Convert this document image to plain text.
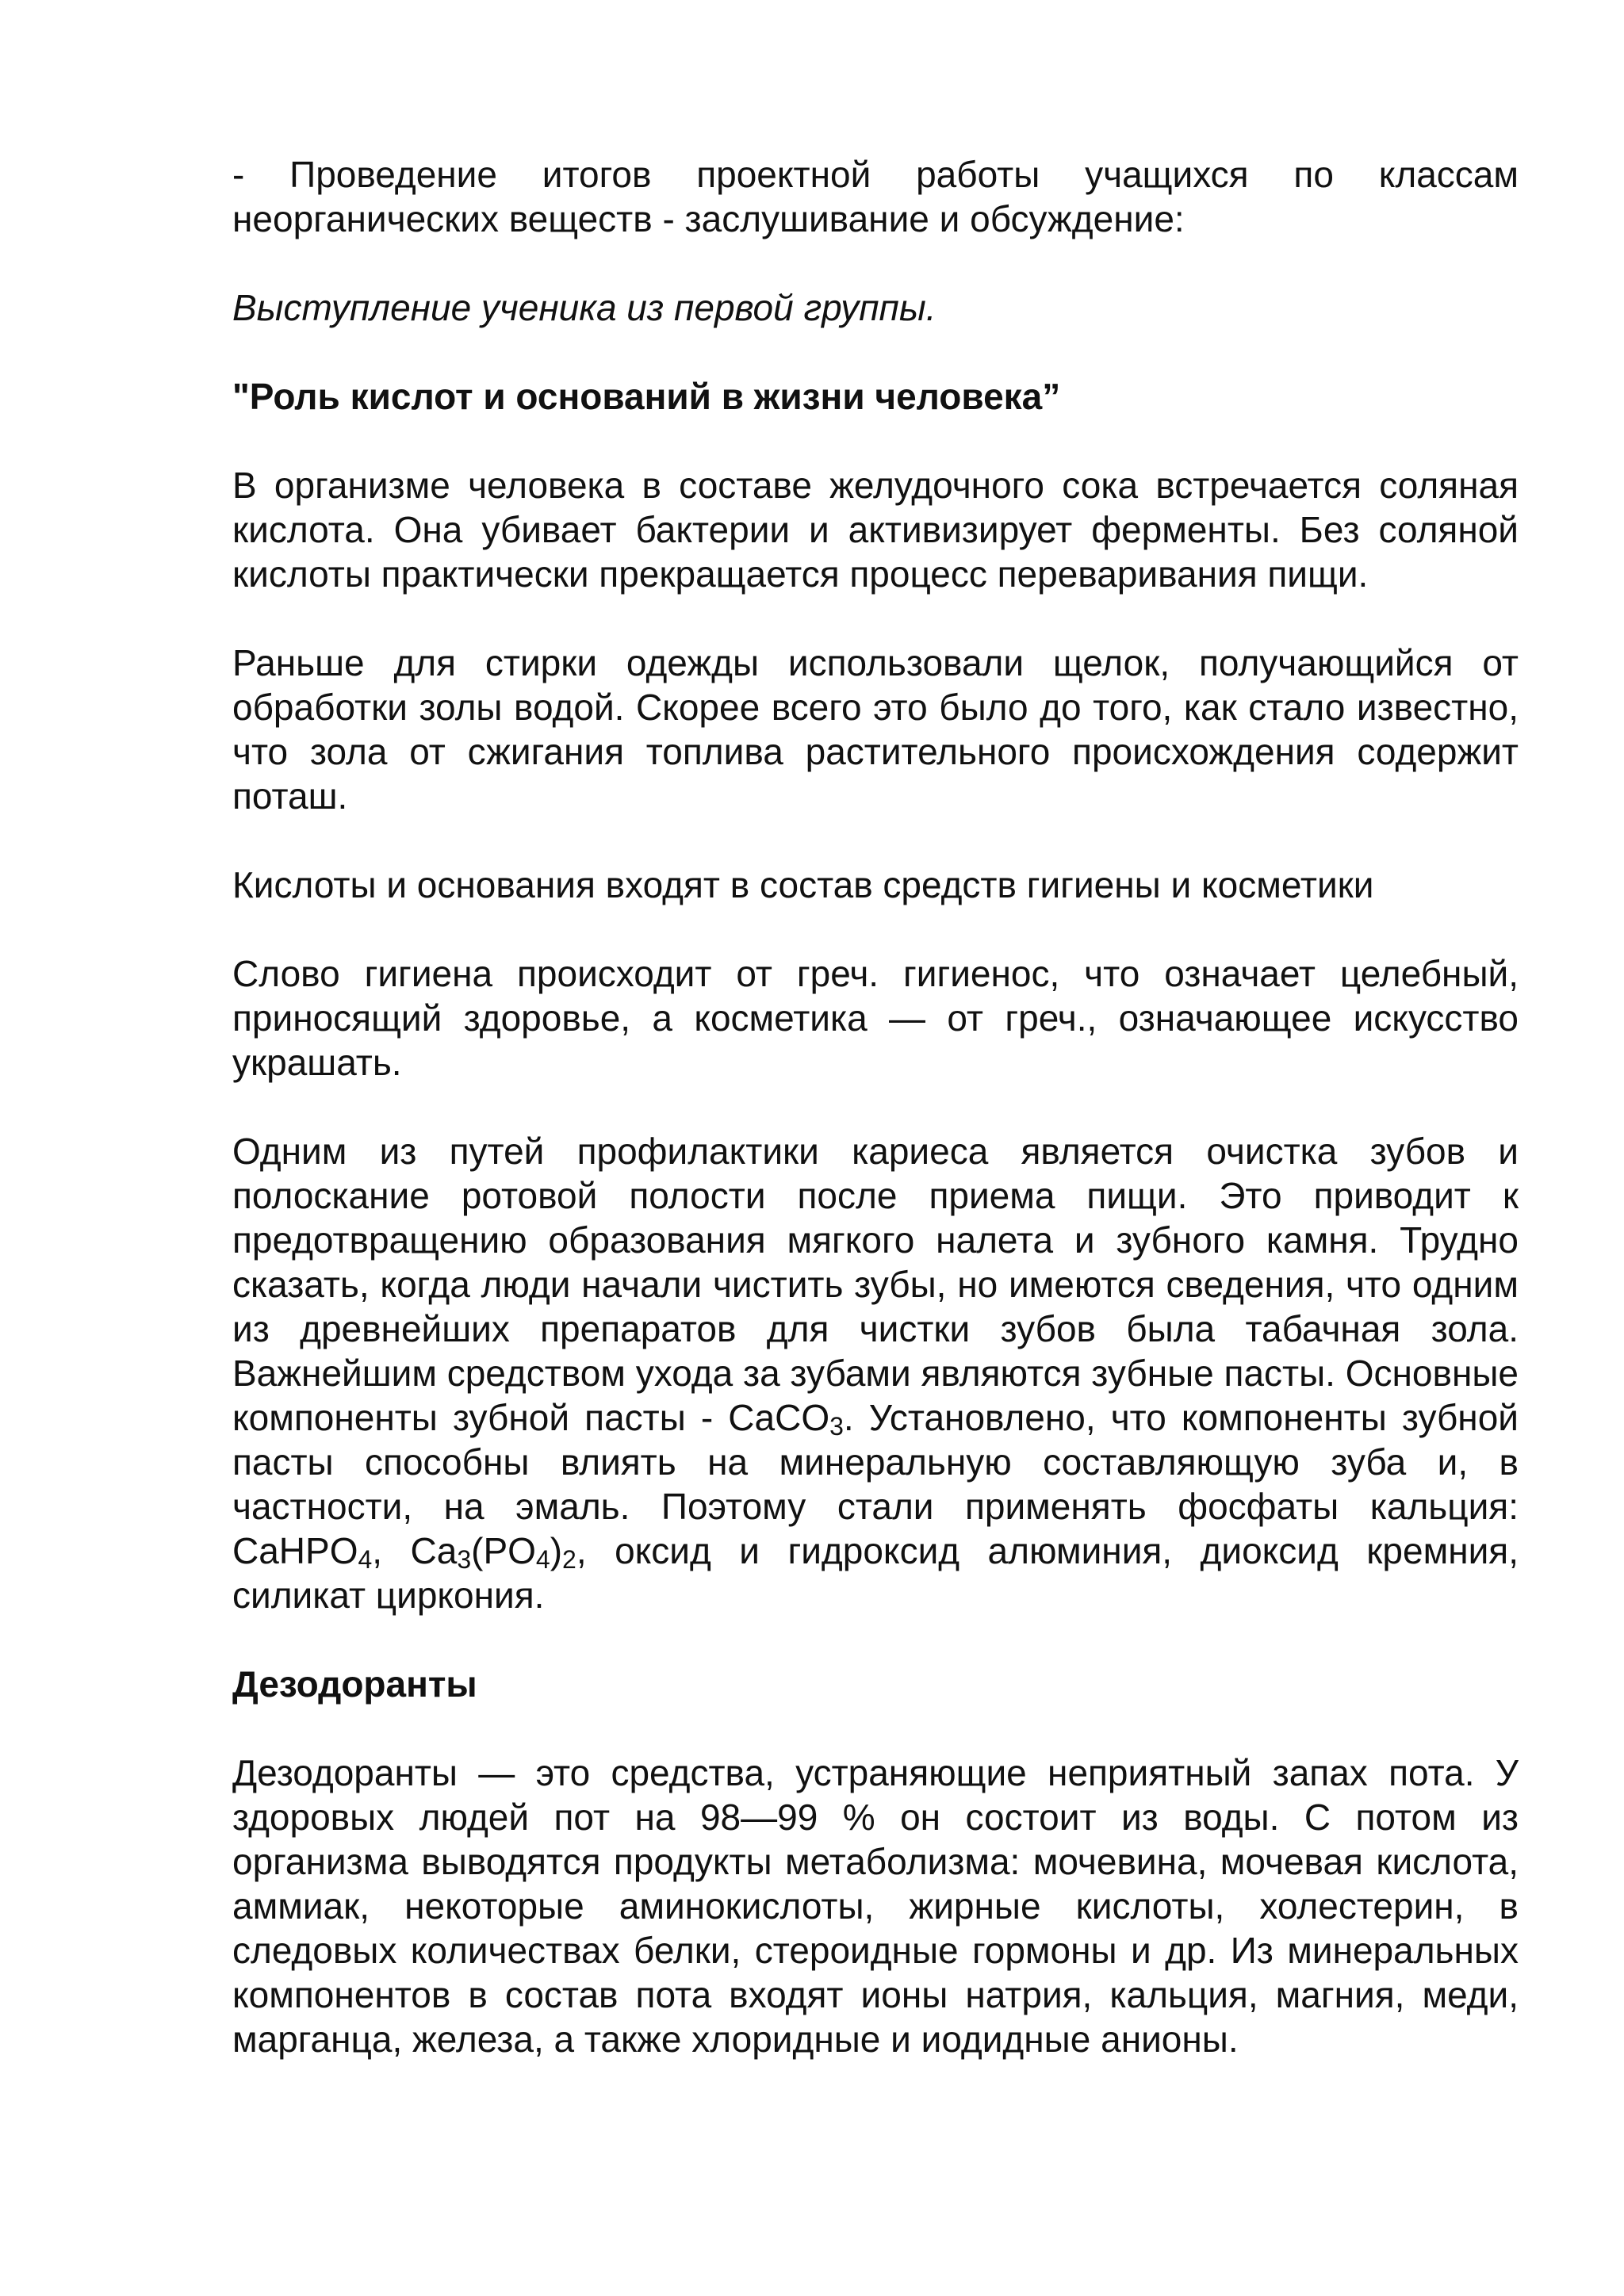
- Проведение итогов проектной работы учащихся по классам неорганических веществ - заслушивание и обсуждение:

Выступление ученика из первой группы.

"Роль кислот и оснований в жизни человека”

В организме человека в составе желудочного сока встречается соляная кислота. Она убивает бактерии и активизирует ферменты. Без соляной кислоты практически прекращается процесс переваривания пищи.

Раньше для стирки одежды использовали щелок, получающийся от обработки золы водой. Скорее всего это было до того, как стало известно, что зола от сжигания топлива растительного происхождения содержит поташ.

Кислоты и основания входят в состав средств гигиены и косметики

Слово гигиена происходит от греч. гигиенос, что означает целебный, приносящий здоровье, а косметика — от греч., означающее искусство украшать.

Одним из путей профилактики кариеса является очистка зубов и полоскание ротовой полости после приема пищи. Это приводит к предотвращению образования мягкого налета и зубного камня. Трудно сказать, когда люди начали чистить зубы, но имеются сведения, что одним из древнейших препаратов для чистки зубов была табачная зола. Важнейшим средством ухода за зубами являются зубные пасты. Основные компоненты зубной пасты - CaCO$_3$. Установлено, что компоненты зубной пасты способны влиять на минеральную составляющую зуба и, в частности, на эмаль. Поэтому стали применять фосфаты кальция: CaHPO$_4$, $Ca_3(PO_4)_2$, оксид и гидроксид алюминия, диоксид кремния, силикат циркония.

Дезодоранты

Дезодоранты — это средства, устраняющие неприятный запах пота. У здоровых людей пот на 98—99 % он состоит из воды. С потом из организма выводятся продукты метаболизма: мочевина, мочевая кислота, аммиак, некоторые аминокислоты, жирные кислоты, холестерин, в следовых количествах белки, стероидные гормоны и др. Из минеральных компонентов в состав пота входят ионы натрия, кальция, магния, меди, марганца, железа, а также хлоридные и иодидные анионы.
